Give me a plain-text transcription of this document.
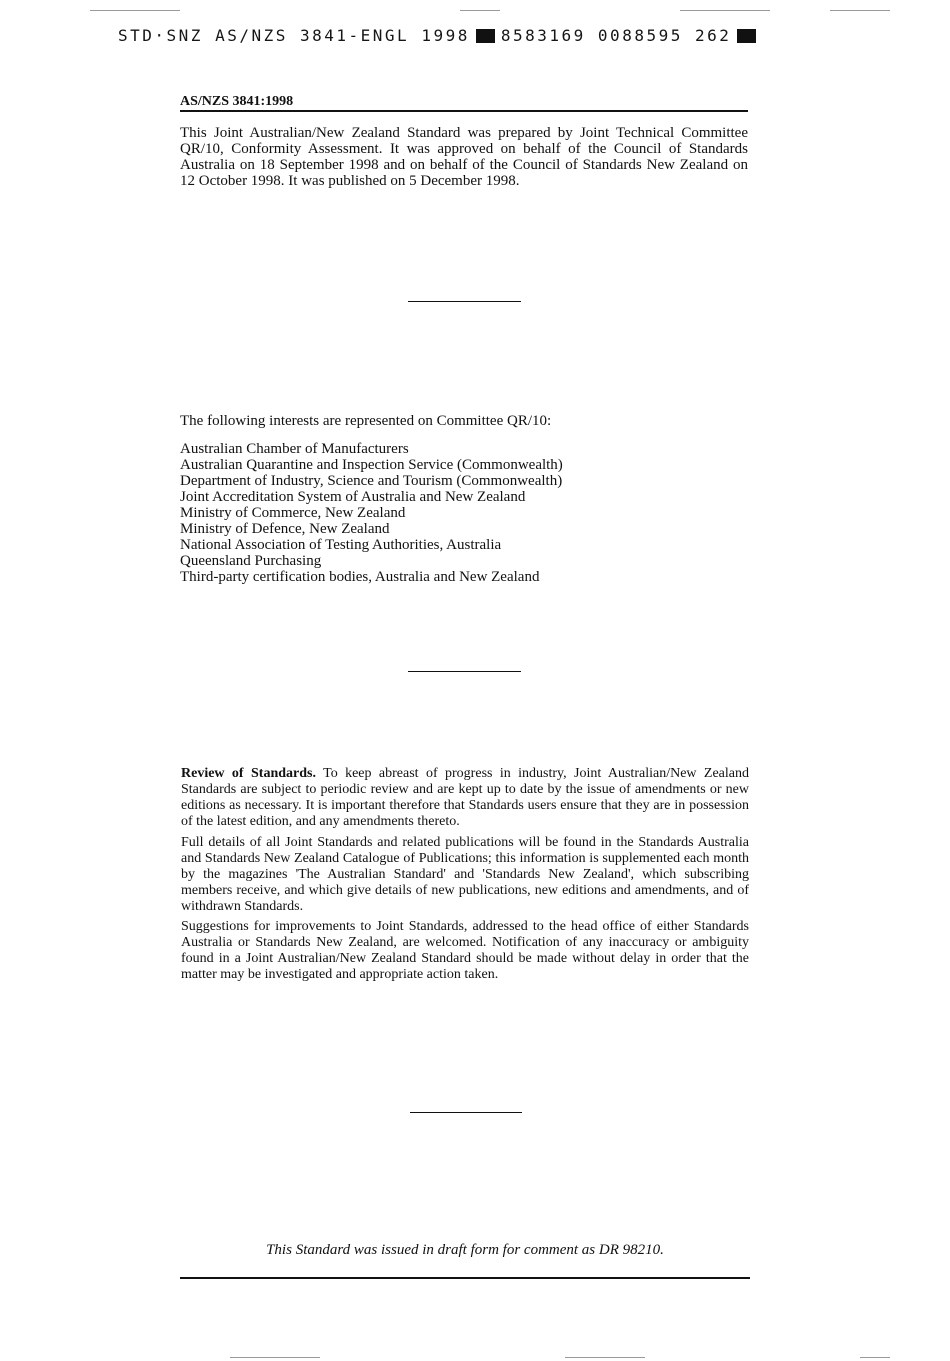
STD·SNZ AS/NZS 3841-ENGL 1998 8583169 0088595 262
AS/NZS 3841:1998

This Joint Australian/New Zealand Standard was prepared by Joint Technical Committee QR/10, Conformity Assessment. It was approved on behalf of the Council of Standards Australia on 18 September 1998 and on behalf of the Council of Standards New Zealand on 12 October 1998. It was published on 5 December 1998.

The following interests are represented on Committee QR/10:
Australian Chamber of Manufacturers
Australian Quarantine and Inspection Service (Commonwealth)
Department of Industry, Science and Tourism (Commonwealth)
Joint Accreditation System of Australia and New Zealand
Ministry of Commerce, New Zealand
Ministry of Defence, New Zealand
National Association of Testing Authorities, Australia
Queensland Purchasing
Third-party certification bodies, Australia and New Zealand

Review of Standards. To keep abreast of progress in industry, Joint Australian/New Zealand Standards are subject to periodic review and are kept up to date by the issue of amendments or new editions as necessary. It is important therefore that Standards users ensure that they are in possession of the latest edition, and any amendments thereto.

Full details of all Joint Standards and related publications will be found in the Standards Australia and Standards New Zealand Catalogue of Publications; this information is supplemented each month by the magazines 'The Australian Standard' and 'Standards New Zealand', which subscribing members receive, and which give details of new publications, new editions and amendments, and of withdrawn Standards.

Suggestions for improvements to Joint Standards, addressed to the head office of either Standards Australia or Standards New Zealand, are welcomed. Notification of any inaccuracy or ambiguity found in a Joint Australian/New Zealand Standard should be made without delay in order that the matter may be investigated and appropriate action taken.

This Standard was issued in draft form for comment as DR 98210.
